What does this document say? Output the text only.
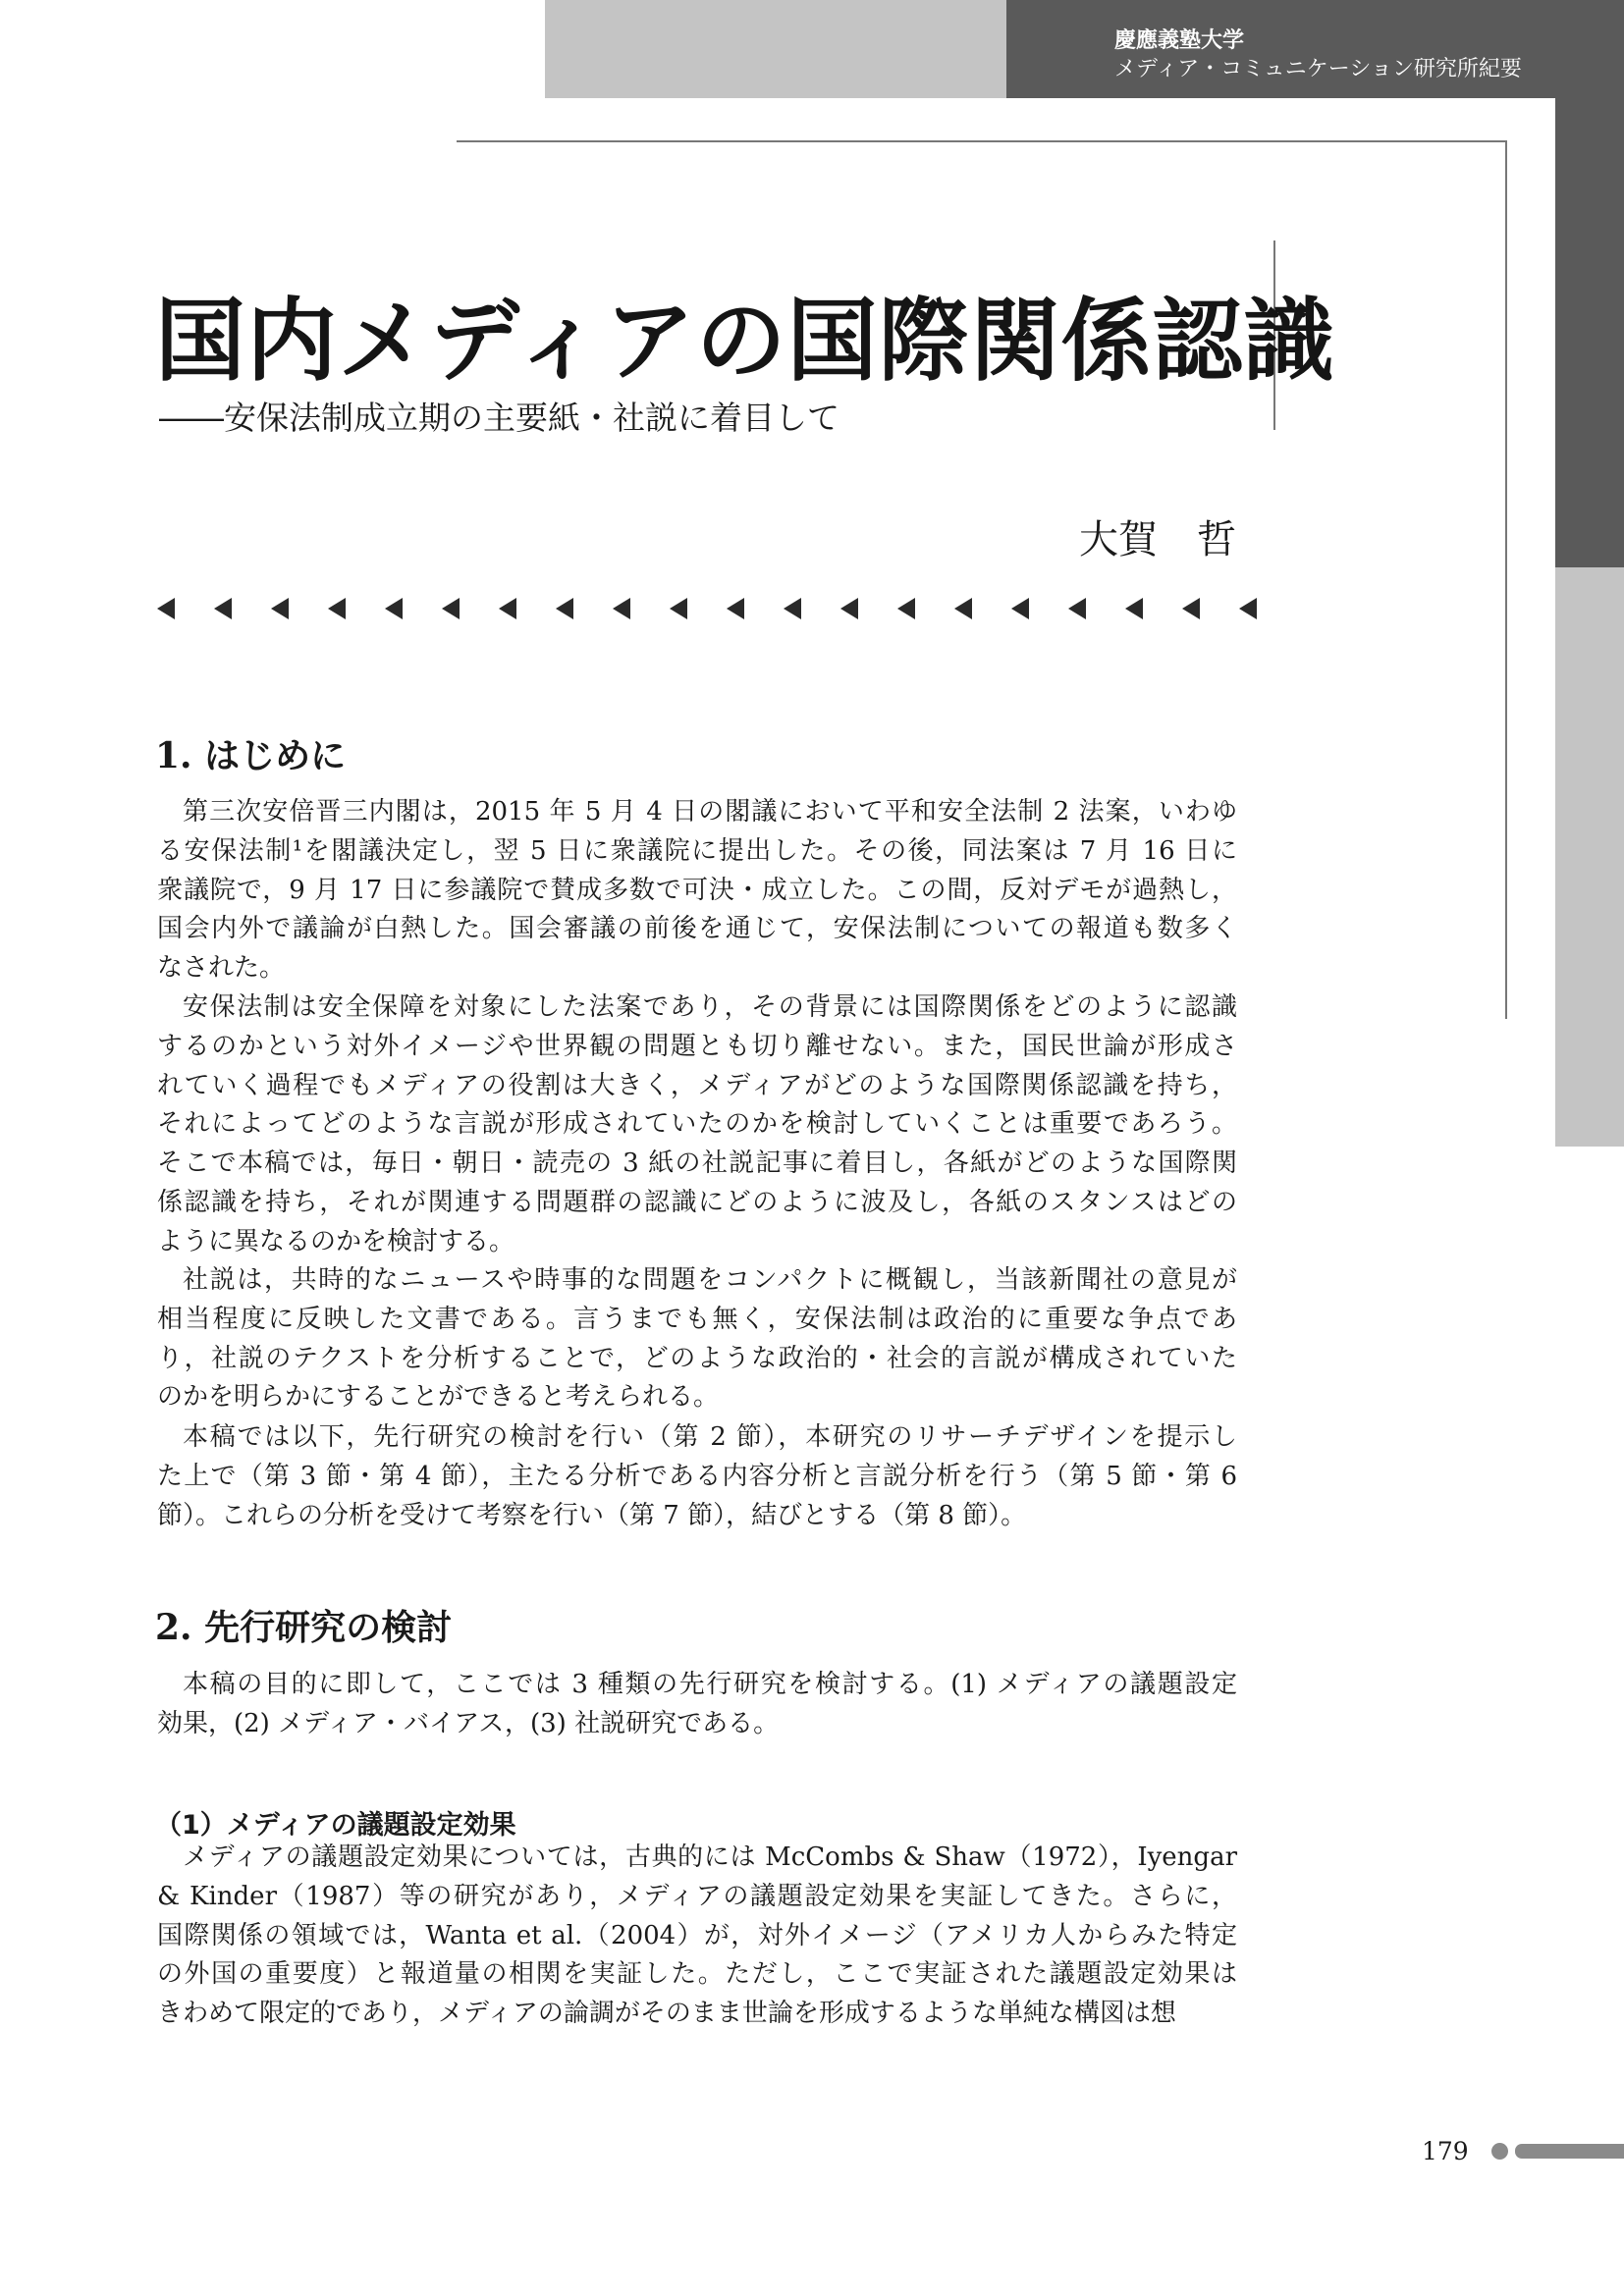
慶應義塾大学
メディア・コミュニケーション研究所紀要
国内メディアの国際関係認識
――安保法制成立期の主要紙・社説に着目して
大賀　哲
1. はじめに
第三次安倍晋三内閣は，2015 年 5 月 4 日の閣議において平和安全法制 2 法案，いわゆ
る安保法制¹を閣議決定し，翌 5 日に衆議院に提出した。その後，同法案は 7 月 16 日に
衆議院で，9 月 17 日に参議院で賛成多数で可決・成立した。この間，反対デモが過熱し，
国会内外で議論が白熱した。国会審議の前後を通じて，安保法制についての報道も数多く
なされた。
安保法制は安全保障を対象にした法案であり，その背景には国際関係をどのように認識
するのかという対外イメージや世界観の問題とも切り離せない。また，国民世論が形成さ
れていく過程でもメディアの役割は大きく，メディアがどのような国際関係認識を持ち，
それによってどのような言説が形成されていたのかを検討していくことは重要であろう。
そこで本稿では，毎日・朝日・読売の 3 紙の社説記事に着目し，各紙がどのような国際関
係認識を持ち，それが関連する問題群の認識にどのように波及し，各紙のスタンスはどの
ように異なるのかを検討する。
社説は，共時的なニュースや時事的な問題をコンパクトに概観し，当該新聞社の意見が
相当程度に反映した文書である。言うまでも無く，安保法制は政治的に重要な争点であ
り，社説のテクストを分析することで，どのような政治的・社会的言説が構成されていた
のかを明らかにすることができると考えられる。
本稿では以下，先行研究の検討を行い（第 2 節），本研究のリサーチデザインを提示し
た上で（第 3 節・第 4 節），主たる分析である内容分析と言説分析を行う（第 5 節・第 6
節）。これらの分析を受けて考察を行い（第 7 節），結びとする（第 8 節）。
2. 先行研究の検討
本稿の目的に即して，ここでは 3 種類の先行研究を検討する。(1) メディアの議題設定
効果，(2) メディア・バイアス，(3) 社説研究である。
（1）メディアの議題設定効果
メディアの議題設定効果については，古典的には McCombs & Shaw（1972），Iyengar
& Kinder（1987）等の研究があり，メディアの議題設定効果を実証してきた。さらに，
国際関係の領域では，Wanta et al.（2004）が，対外イメージ（アメリカ人からみた特定
の外国の重要度）と報道量の相関を実証した。ただし，ここで実証された議題設定効果は
きわめて限定的であり，メディアの論調がそのまま世論を形成するような単純な構図は想
179
